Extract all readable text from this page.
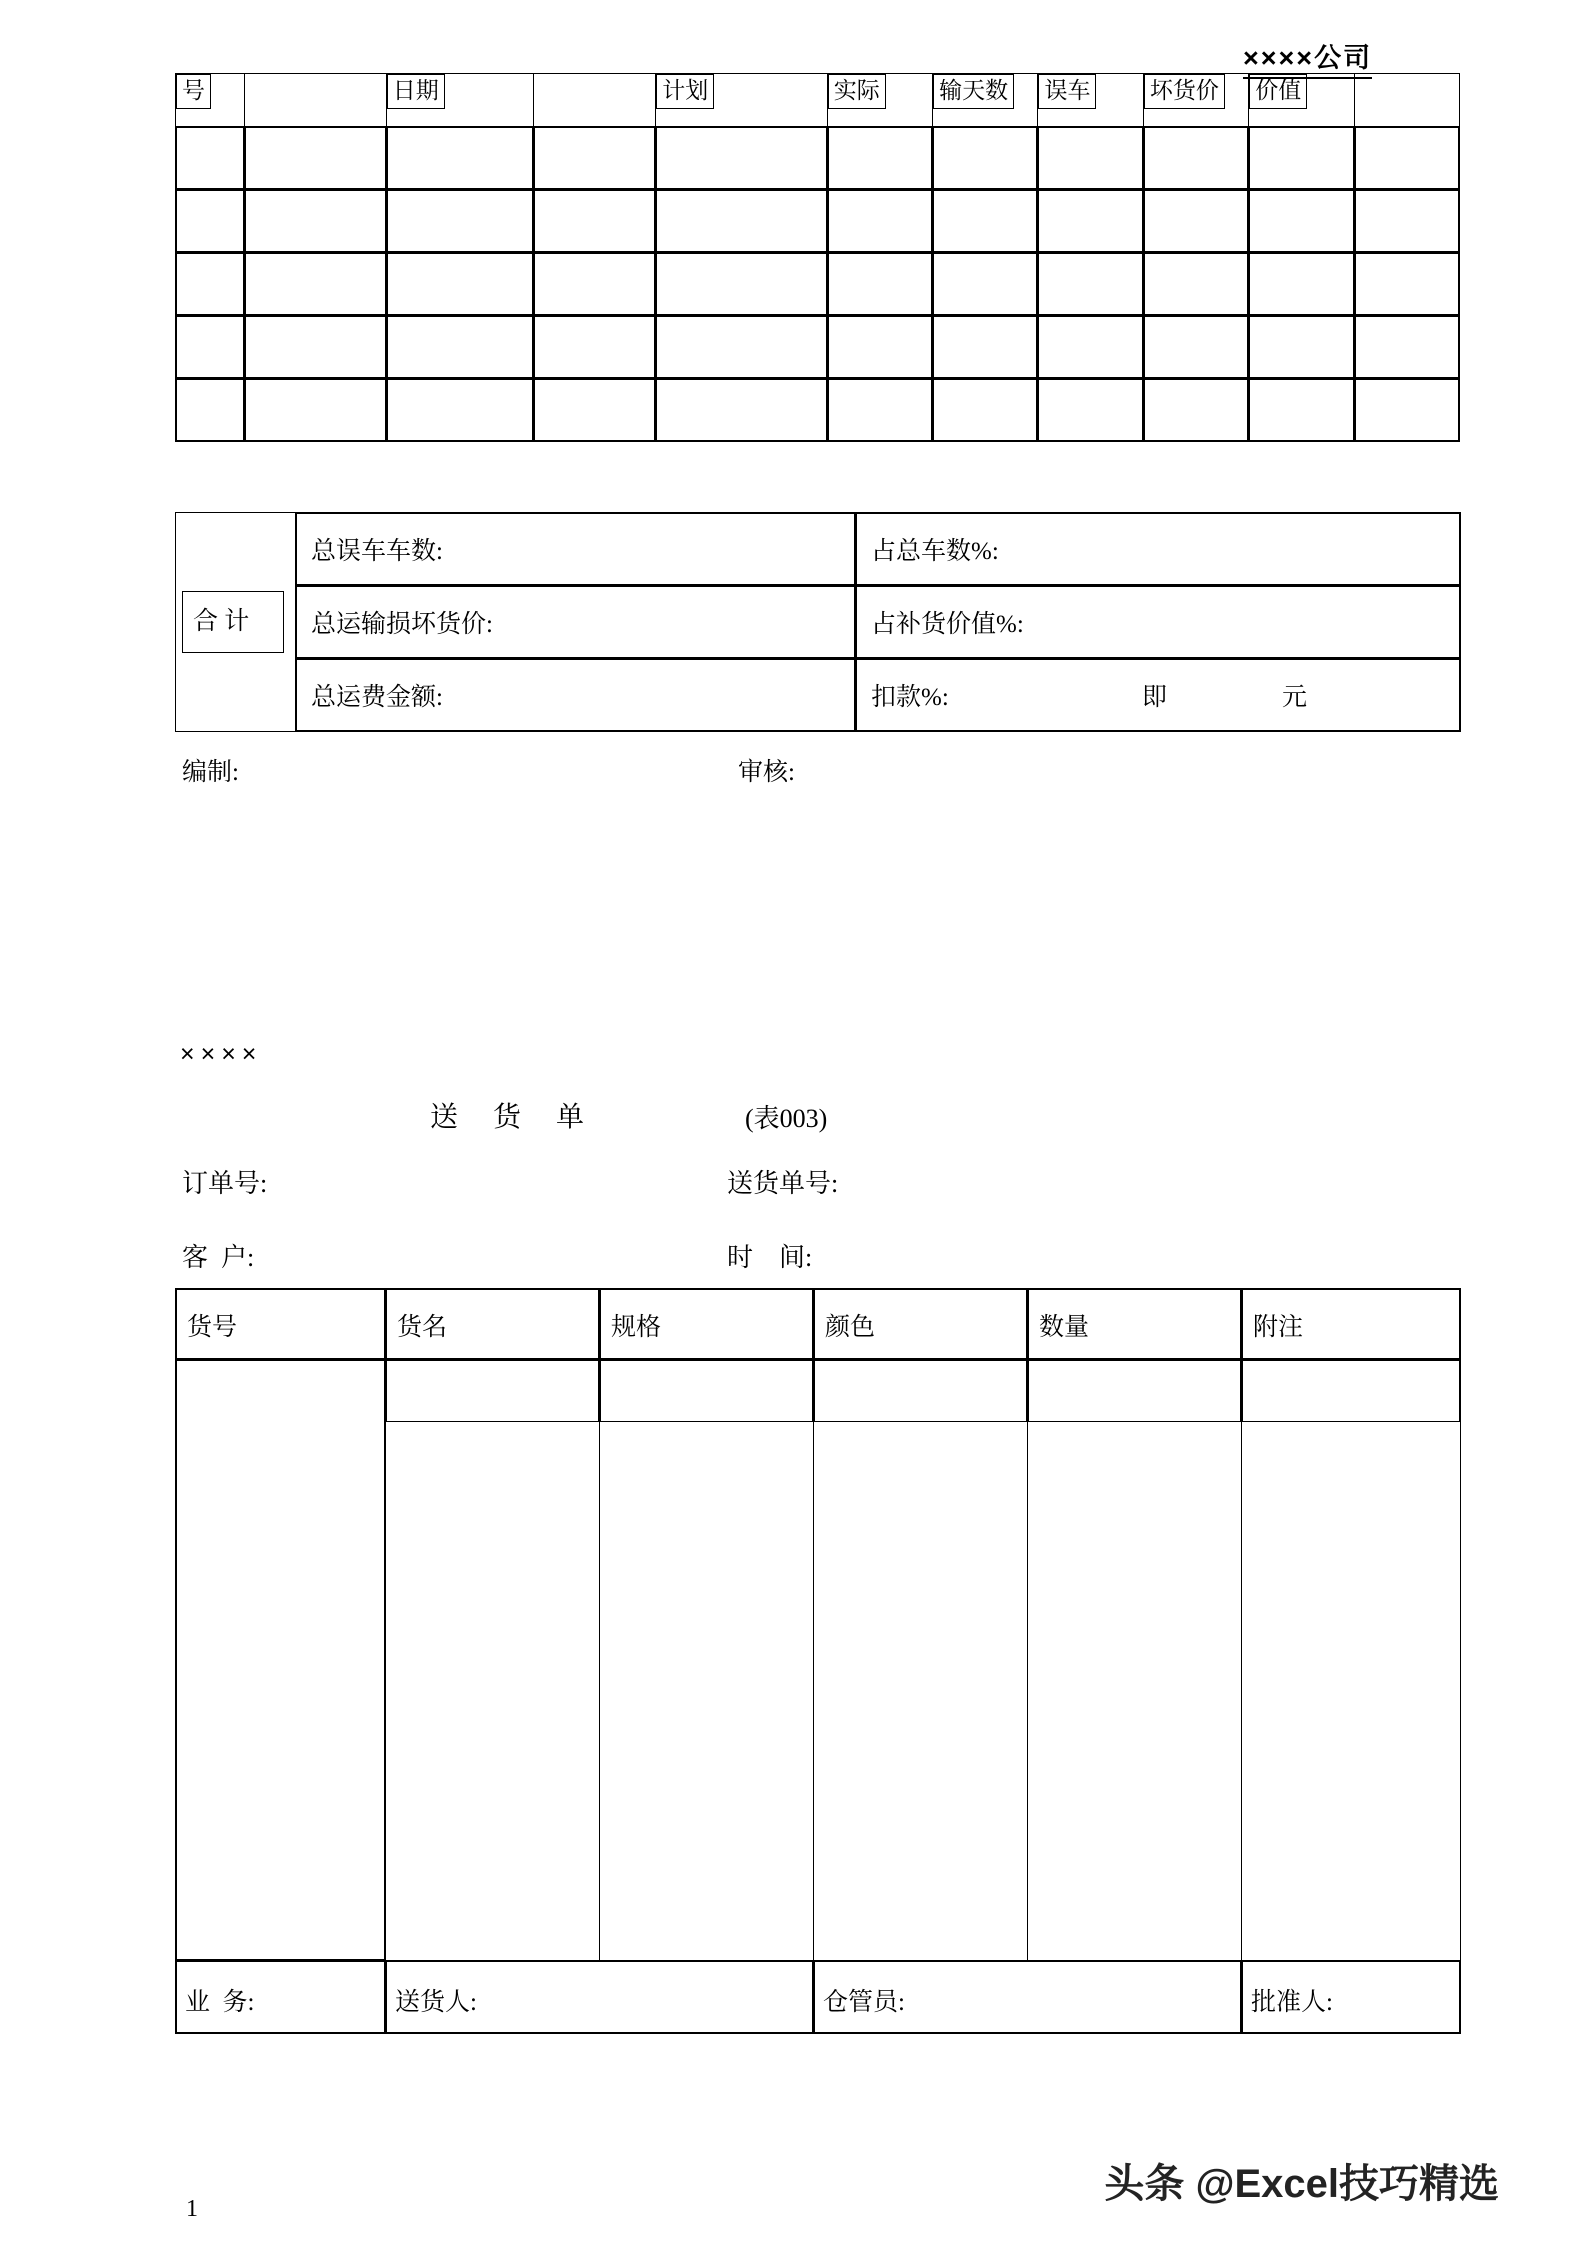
××××公司
号		日期		计划	实际	输天数	误车	坏货价	价值	

合 计	总误车车数:	占总车数%:

总运输损坏货价:	占补货价值%:

总运费金额:	扣款%: 即 元
编制:	审核:
××××
送 货 单	(表003)
订单号:	送货单号:
客  户:	时    间:
货号	货名	规格	颜色	数量	附注

业  务:	送货人:		仓管员:		批准人:
头条 @Excel技巧精选
1
